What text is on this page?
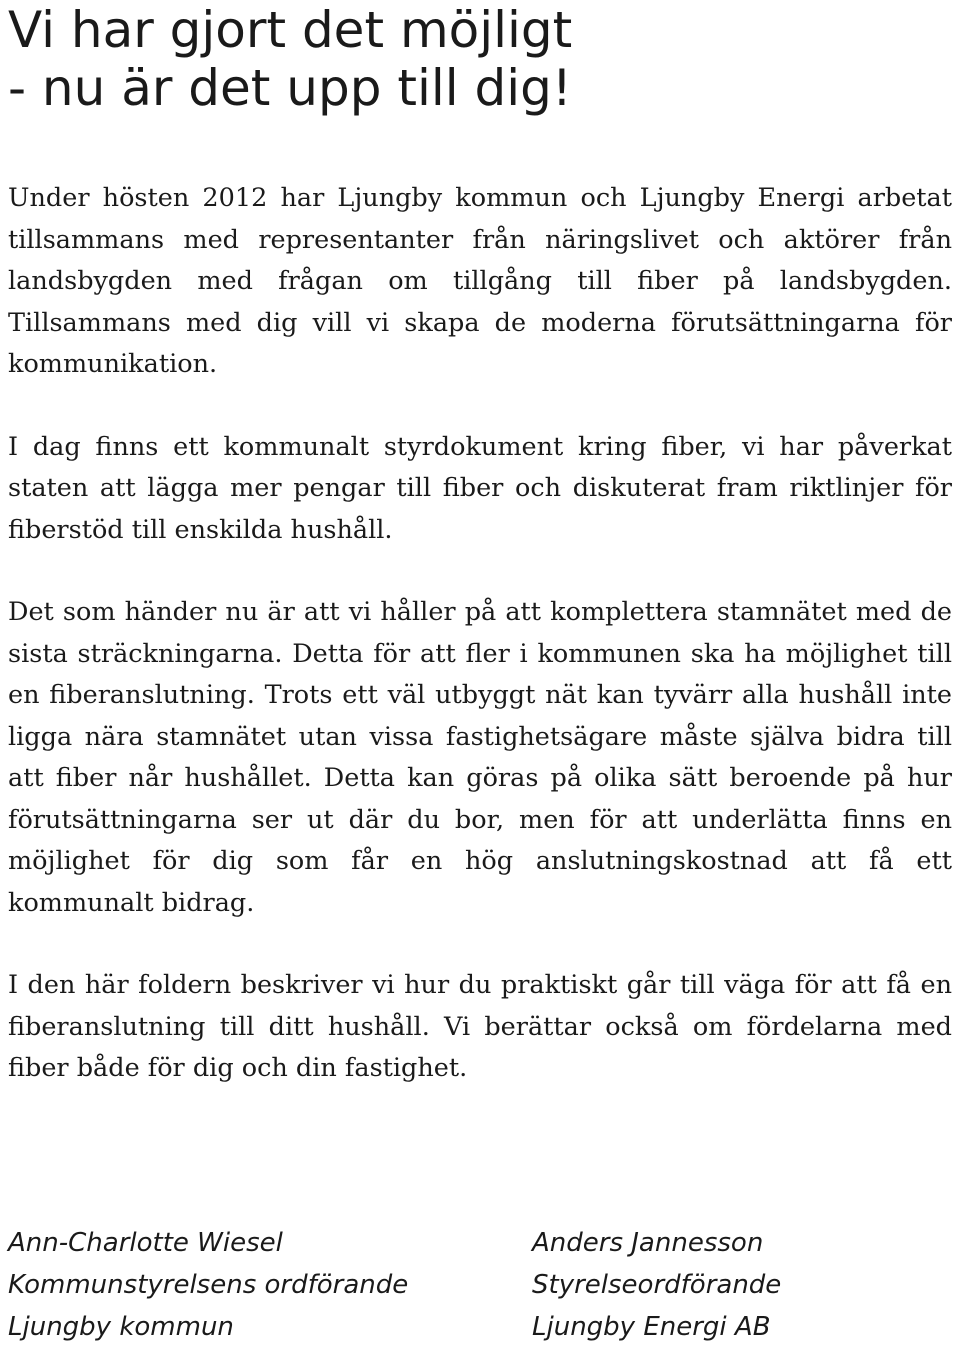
Vi har gjort det möjligt
- nu är det upp till dig!

Under hösten 2012 har Ljungby kommun och Ljungby Energi arbetat tillsammans med representanter från näringslivet och aktörer från landsbygden med frågan om tillgång till fiber på landsbygden. Tillsammans med dig vill vi skapa de moderna förutsättningarna för kommunikation.

I dag finns ett kommunalt styrdokument kring fiber, vi har påverkat staten att lägga mer pengar till fiber och diskuterat fram riktlinjer för fiberstöd till enskilda hushåll.

Det som händer nu är att vi håller på att komplettera stamnätet med de sista sträckningarna. Detta för att fler i kommunen ska ha möjlighet till en fiberanslutning. Trots ett väl utbyggt nät kan tyvärr alla hushåll inte ligga nära stamnätet utan vissa fastighetsägare måste själva bidra till att fiber når hushållet. Detta kan göras på olika sätt beroende på hur förutsättningarna ser ut där du bor, men för att underlätta finns en möjlighet för dig som får en hög anslutningskostnad att få ett kommunalt bidrag.

I den här foldern beskriver vi hur du praktiskt går till väga för att få en fiberanslutning till ditt hushåll. Vi berättar också om fördelarna med fiber både för dig och din fastighet.

Ann-Charlotte Wiesel
Kommunstyrelsens ordförande
Ljungby kommun
Anders Jannesson
Styrelseordförande
Ljungby Energi AB
